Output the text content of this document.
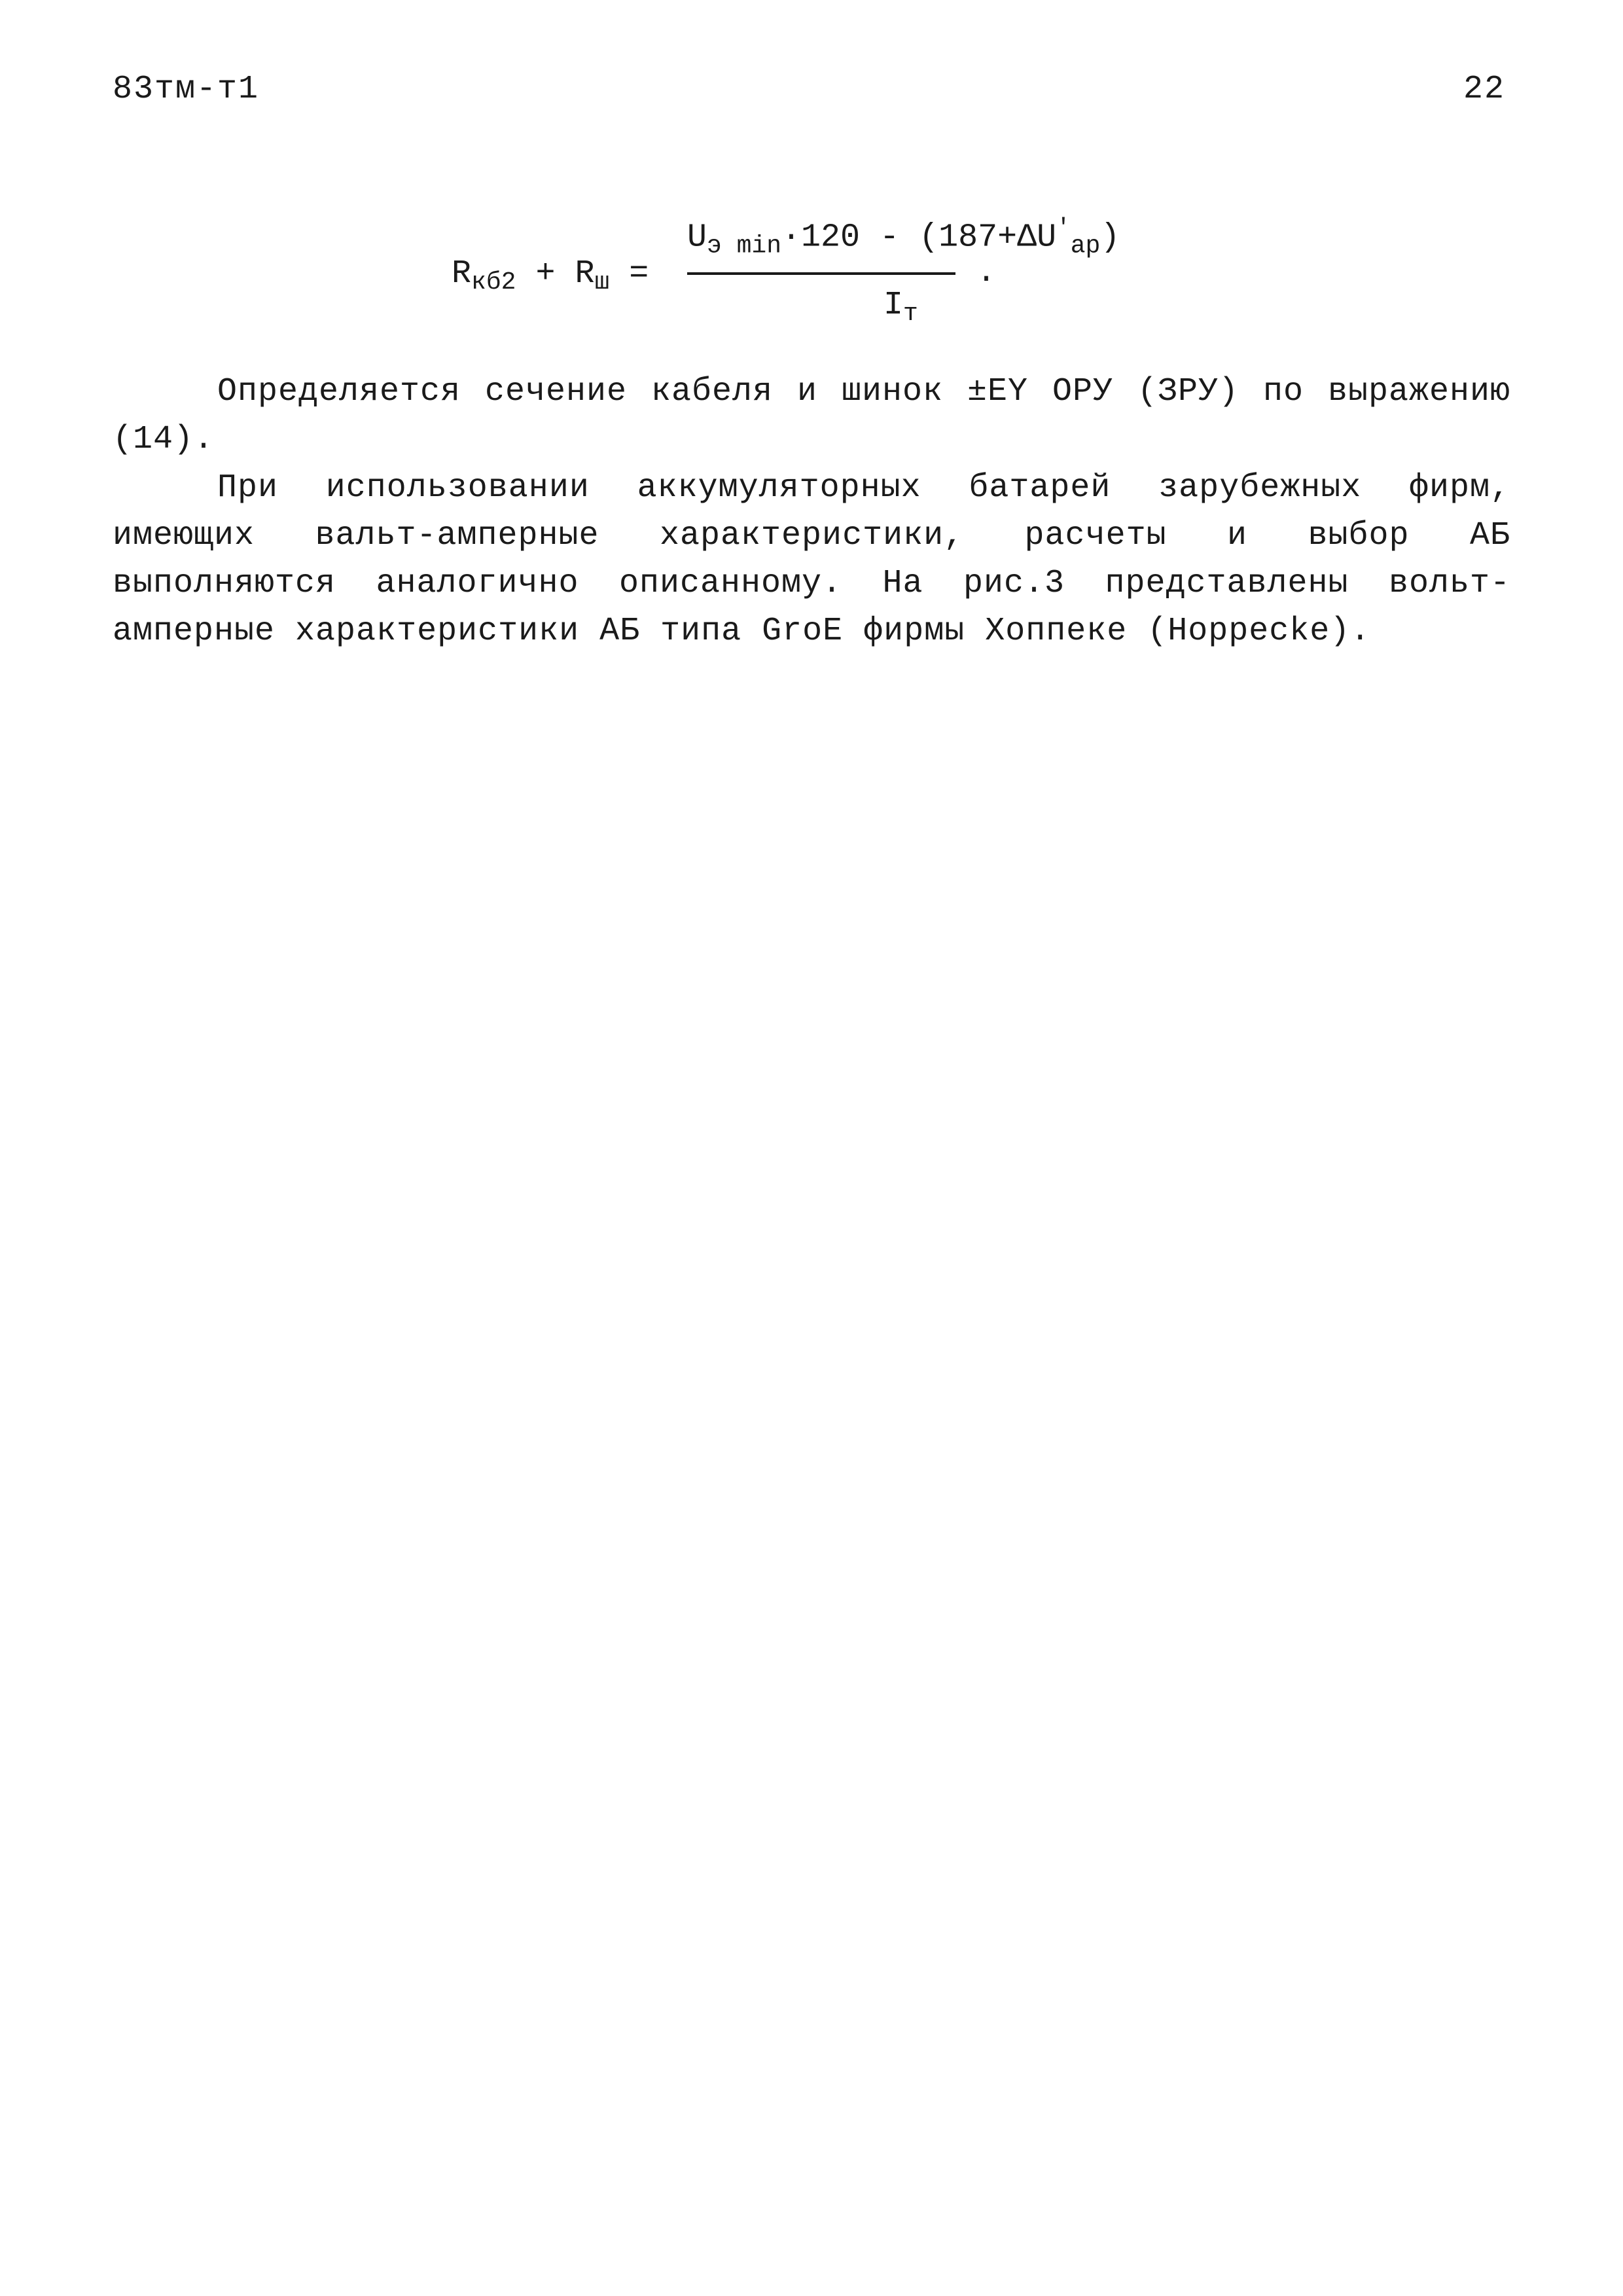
83тм-т1	22
$R_{кб2} + R_ш$ =
$U_{э min}\cdot 120 - (187+\Delta U'_{ap})$
$I_т$
.
Определяется сечение кабеля и шинок ±EY ОРУ (ЗРУ) по выражению (14).
При использовании аккумуляторных батарей зарубежных фирм, имеющих вальт-амперные характеристики, расчеты и выбор АБ выполняются аналогично описанному. На рис.3 представлены вольт-амперные характеристики АБ типа GroE фирмы Хоппеке (Hoppecke).
